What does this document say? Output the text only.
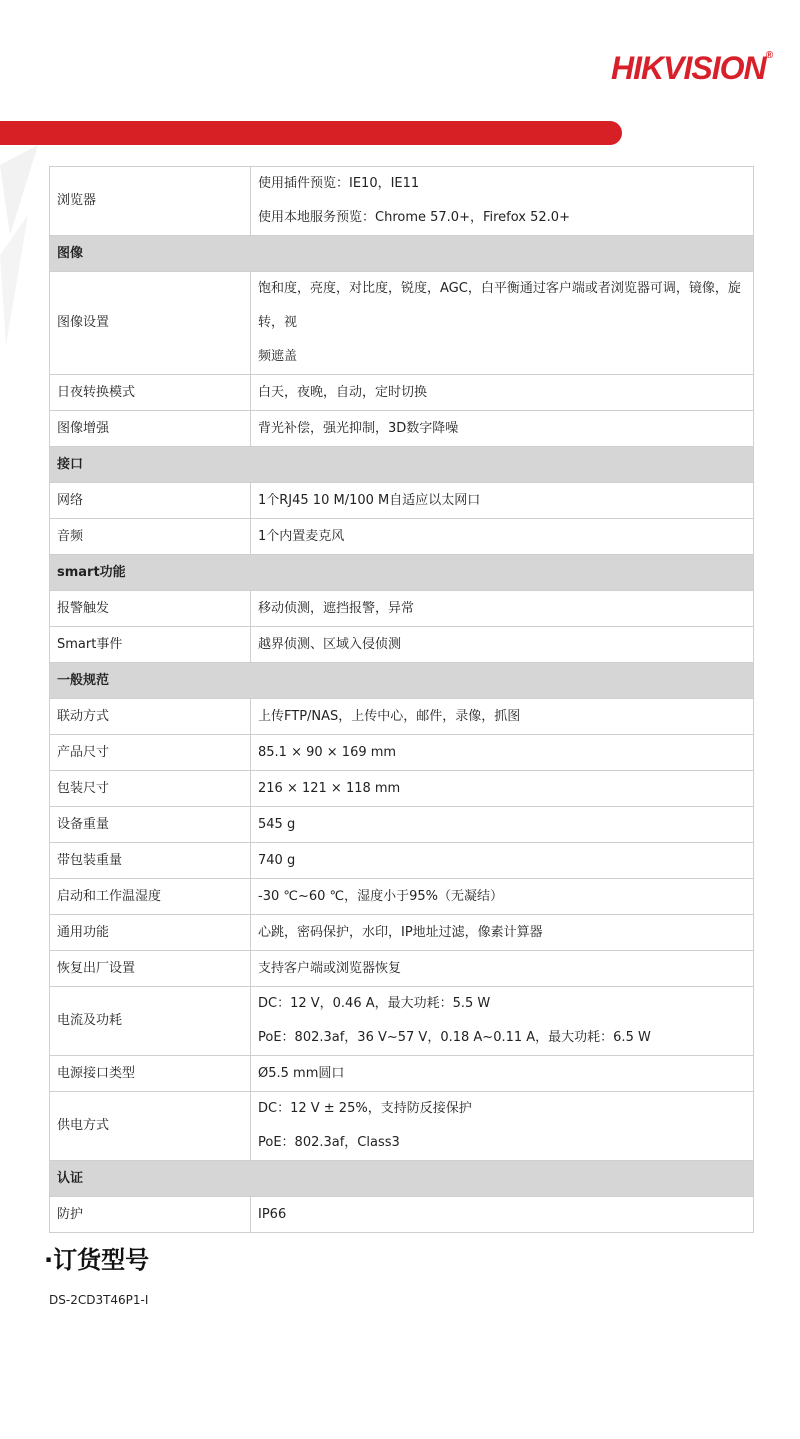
HIKVISION®
浏览器	使用插件预览：IE10，IE11
使用本地服务预览：Chrome 57.0+，Firefox 52.0+

图像	
图像设置	饱和度，亮度，对比度，锐度，AGC，白平衡通过客户端或者浏览器可调，镜像，旋转，视
频遮盖

日夜转换模式	白天，夜晚，自动，定时切换

图像增强	背光补偿，强光抑制，3D数字降噪

接口	
网络	1个RJ45 10 M/100 M自适应以太网口

音频	1个内置麦克风

smart功能	
报警触发	移动侦测，遮挡报警，异常

Smart事件	越界侦测、区域入侵侦测

一般规范	
联动方式	上传FTP/NAS，上传中心，邮件，录像，抓图

产品尺寸	85.1 × 90 × 169 mm

包装尺寸	216 × 121 × 118 mm

设备重量	545 g

带包装重量	740 g

启动和工作温湿度	-30 ℃~60 ℃，湿度小于95%（无凝结）

通用功能	心跳，密码保护，水印，IP地址过滤，像素计算器

恢复出厂设置	支持客户端或浏览器恢复

电流及功耗	DC：12 V，0.46 A，最大功耗：5.5 W
PoE：802.3af，36 V~57 V，0.18 A~0.11 A，最大功耗：6.5 W

电源接口类型	Ø5.5 mm圆口

供电方式	DC：12 V ± 25%，支持防反接保护
PoE：802.3af，Class3

认证	
防护	IP66
·订货型号
DS-2CD3T46P1-I
